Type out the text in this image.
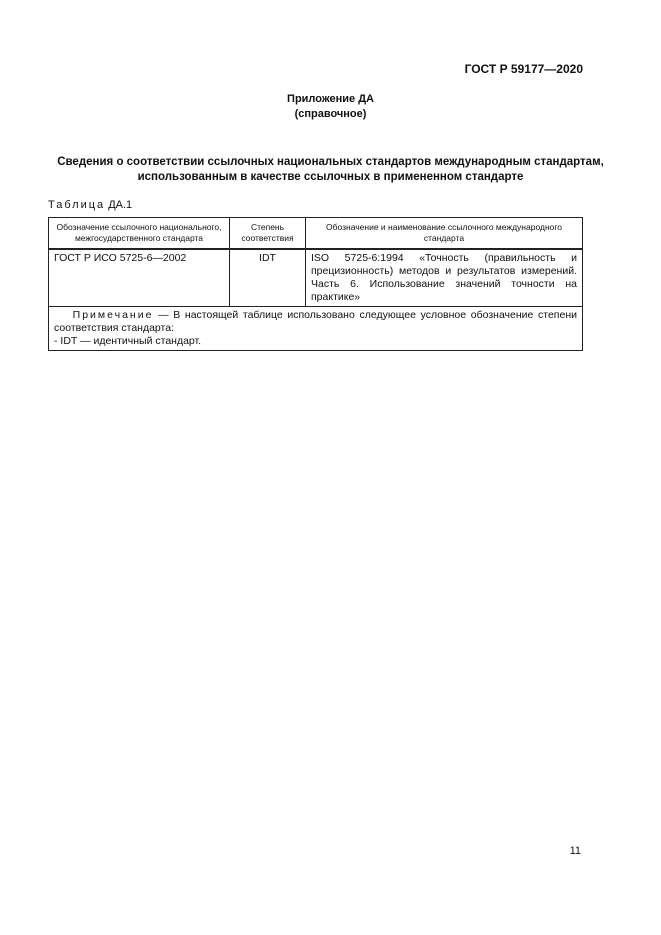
ГОСТ Р 59177—2020
Приложение ДА
(справочное)
Сведения о соответствии ссылочных национальных стандартов международным стандартам,
использованным в качестве ссылочных в примененном стандарте
Таблица ДА.1
Обозначение ссылочного национального, межгосударственного стандарта	Степень соответствия	Обозначение и наименование ссылочного международного стандарта
ГОСТ Р ИСО 5725-6—2002	IDT	ISO 5725-6:1994 «Точность (правильность и прецизионность) методов и результатов измерений. Часть 6. Использование значений точности на практике»

Примечание — В настоящей таблице использовано следующее условное обозначение степени соответствия стандарта:
- IDT — идентичный стандарт.		
11
